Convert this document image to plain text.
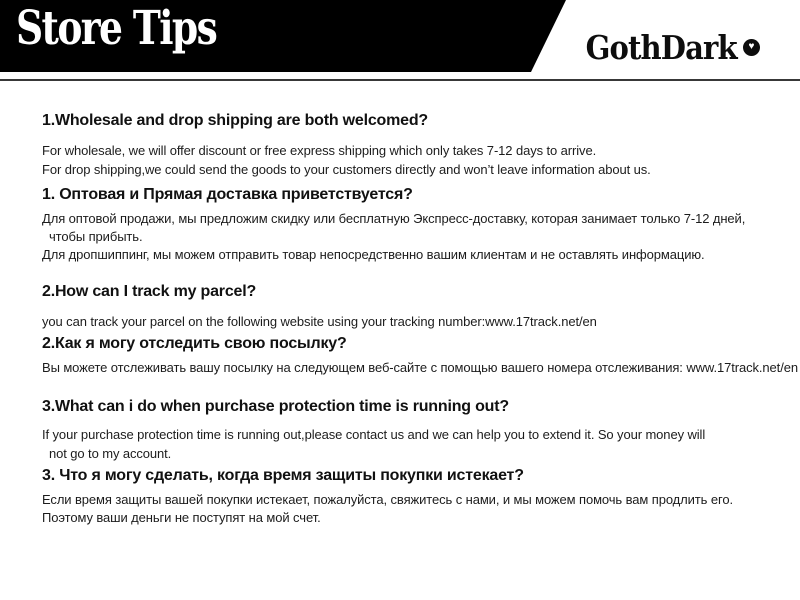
Store Tips	GothDark	♥
1.Wholesale and drop shipping are both welcomed?
For wholesale, we will offer discount or free express shipping which only takes 7-12 days to arrive.
For drop shipping,we could send the goods to your customers directly and won’t leave information about us.
1. Оптовая и Прямая доставка приветствуется?
Для оптовой продажи, мы предложим скидку или бесплатную Экспресс-доставку, которая занимает только 7-12 дней,
чтобы прибыть.
Для дропшиппинг, мы можем отправить товар непосредственно вашим клиентам и не оставлять информацию.
2.How can I track my parcel?
you can track your parcel on the following website using your tracking number:www.17track.net/en
2.Как я могу отследить свою посылку?
Вы можете отслеживать вашу посылку на следующем веб-сайте с помощью вашего номера отслеживания: www.17track.net/en
3.What can i do when purchase protection time is running out?
If your purchase protection time is running out,please contact us and we can help you to extend it. So your money will
not go to my account.
3. Что я могу сделать, когда время защиты покупки истекает?
Если время защиты вашей покупки истекает, пожалуйста, свяжитесь с нами, и мы можем помочь вам продлить его.
Поэтому ваши деньги не поступят на мой счет.
